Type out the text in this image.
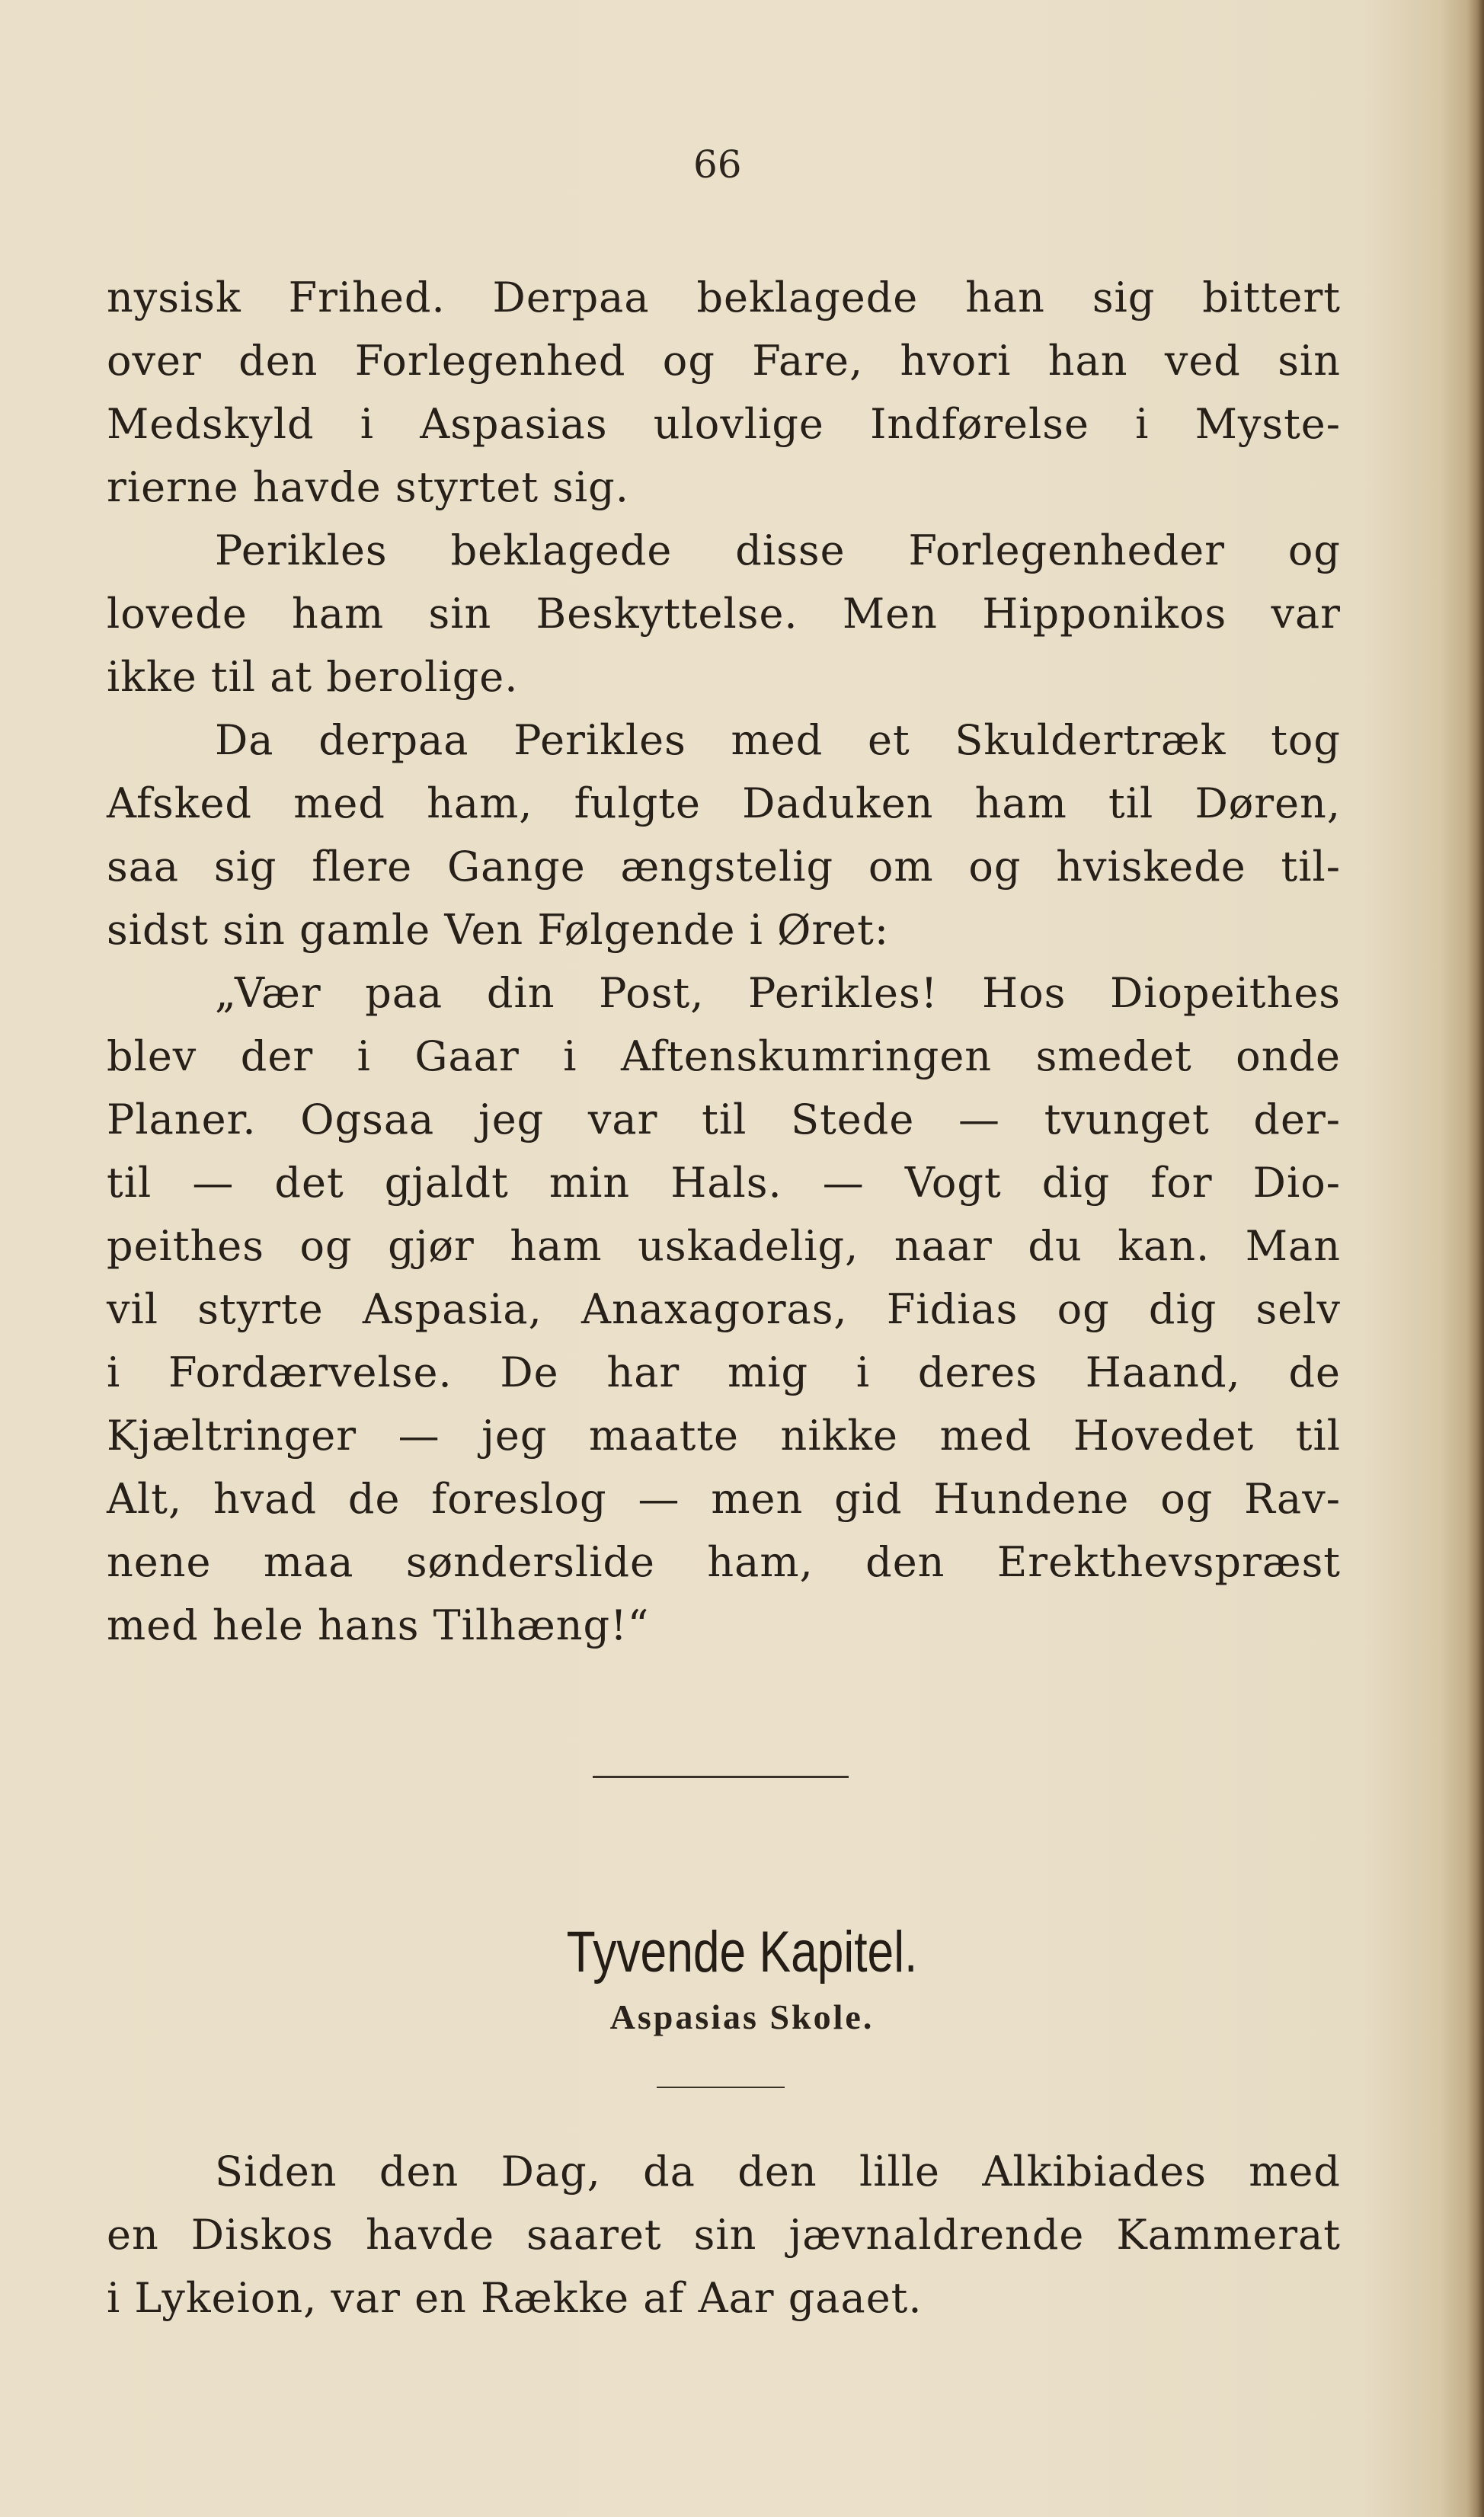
66
nysisk Frihed. Derpaa beklagede han sig bittert
over den Forlegenhed og Fare, hvori han ved sin
Medskyld i Aspasias ulovlige Indførelse i Myste-
rierne havde styrtet sig.
Perikles beklagede disse Forlegenheder og
lovede ham sin Beskyttelse. Men Hipponikos var
ikke til at berolige.
Da derpaa Perikles med et Skuldertræk tog
Afsked med ham, fulgte Daduken ham til Døren,
saa sig flere Gange ængstelig om og hviskede til-
sidst sin gamle Ven Følgende i Øret:
„Vær paa din Post, Perikles! Hos Diopeithes
blev der i Gaar i Aftenskumringen smedet onde
Planer. Ogsaa jeg var til Stede — tvunget der-
til — det gjaldt min Hals. — Vogt dig for Dio-
peithes og gjør ham uskadelig, naar du kan. Man
vil styrte Aspasia, Anaxagoras, Fidias og dig selv
i Fordærvelse. De har mig i deres Haand, de
Kjæltringer — jeg maatte nikke med Hovedet til
Alt, hvad de foreslog — men gid Hundene og Rav-
nene maa sønderslide ham, den Erekthevspræst
med hele hans Tilhæng!“
Tyvende Kapitel.
Aspasias Skole.
Siden den Dag, da den lille Alkibiades med
en Diskos havde saaret sin jævnaldrende Kammerat
i Lykeion, var en Række af Aar gaaet.
